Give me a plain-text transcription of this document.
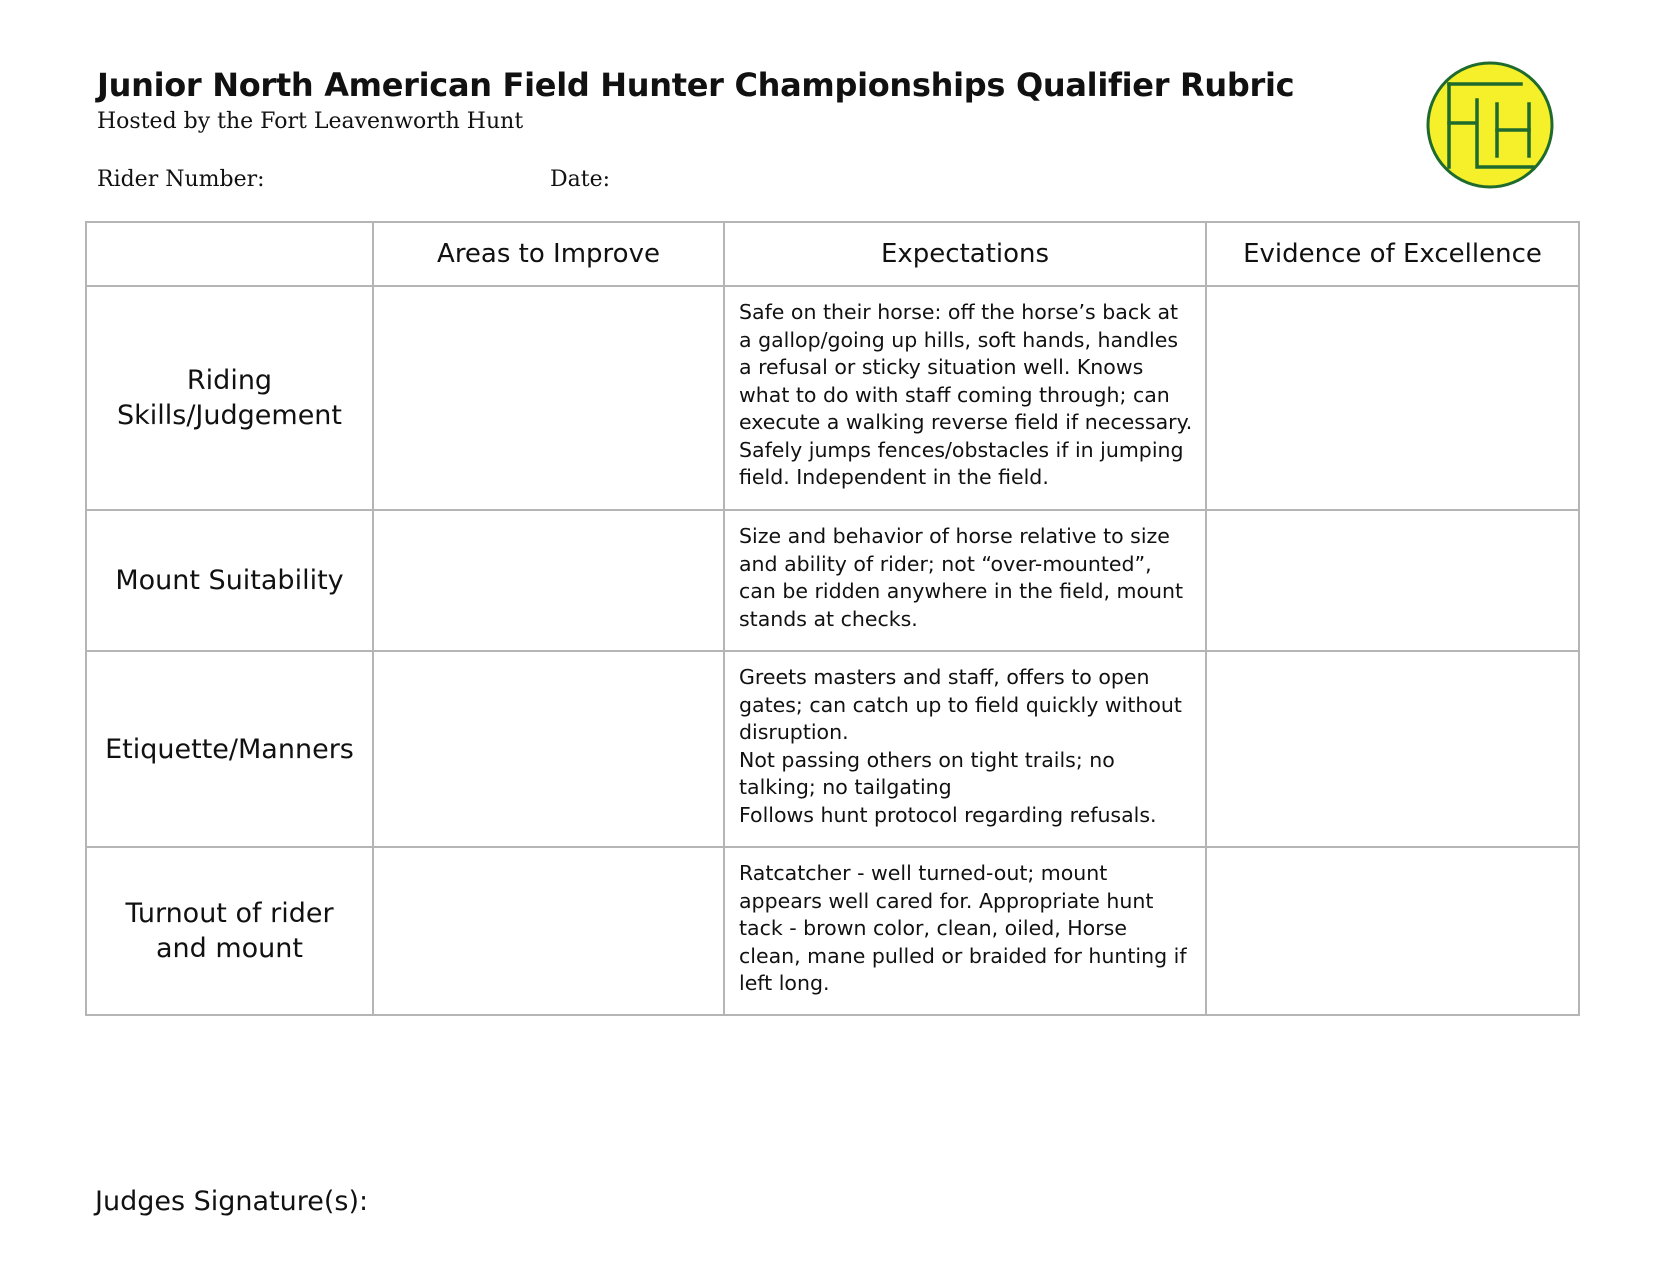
Junior North American Field Hunter Championships Qualifier Rubric
Hosted by the Fort Leavenworth Hunt
Rider Number:	Date:
	Areas to Improve	Expectations	Evidence of Excellence
Riding Skills/Judgement		Safe on their horse: off the horse’s back at a gallop/going up hills, soft hands, handles a refusal or sticky situation well. Knows what to do with staff coming through; can execute a walking reverse field if necessary. Safely jumps fences/obstacles if in jumping field. Independent in the field.	
Mount Suitability		Size and behavior of horse relative to size and ability of rider; not “over-mounted”, can be ridden anywhere in the field, mount stands at checks.	
Etiquette/Manners		Greets masters and staff, offers to open gates; can catch up to field quickly without disruption.
Not passing others on tight trails; no talking; no tailgating
Follows hunt protocol regarding refusals.	
Turnout of rider and mount		Ratcatcher - well turned-out; mount appears well cared for. Appropriate hunt tack - brown color, clean, oiled, Horse clean, mane pulled or braided for hunting if left long.	
Judges Signature(s):
